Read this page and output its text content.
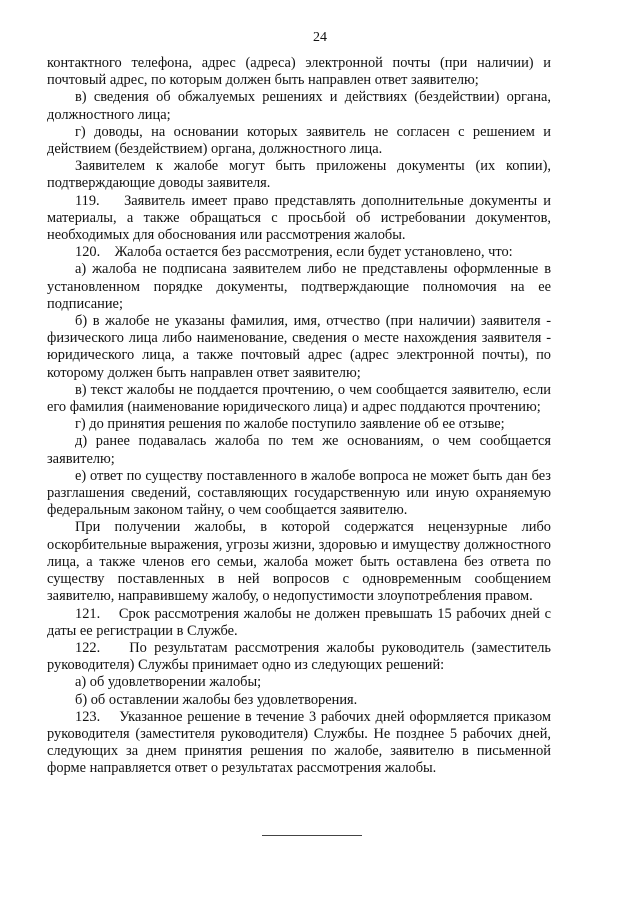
24

контактного телефона, адрес (адреса) электронной почты (при наличии) и почтовый адрес, по которым должен быть направлен ответ заявителю;

в) сведения об обжалуемых решениях и действиях (бездействии) органа, должностного лица;

г) доводы, на основании которых заявитель не согласен с решением и действием (бездействием) органа, должностного лица.

Заявителем к жалобе могут быть приложены документы (их копии), подтверждающие доводы заявителя.

119.    Заявитель имеет право представлять дополнительные документы и материалы, а также обращаться с просьбой об истребовании документов, необходимых для обоснования или рассмотрения жалобы.

120.    Жалоба остается без рассмотрения, если будет установлено, что:

а) жалоба не подписана заявителем либо не представлены оформленные в установленном порядке документы, подтверждающие полномочия на ее подписание;

б) в жалобе не указаны фамилия, имя, отчество (при наличии) заявителя - физического лица либо наименование, сведения о месте нахождения заявителя - юридического лица, а также почтовый адрес (адрес электронной почты), по которому должен быть направлен ответ заявителю;

в) текст жалобы не поддается прочтению, о чем сообщается заявителю, если его фамилия (наименование юридического лица) и адрес поддаются прочтению;

г) до принятия решения по жалобе поступило заявление об ее отзыве;

д) ранее подавалась жалоба по тем же основаниям, о чем сообщается заявителю;

е) ответ по существу поставленного в жалобе вопроса не может быть дан без разглашения сведений, составляющих государственную или иную охраняемую федеральным законом тайну, о чем сообщается заявителю.

При получении жалобы, в которой содержатся нецензурные либо оскорбительные выражения, угрозы жизни, здоровью и имуществу должностного лица, а также членов его семьи, жалоба может быть оставлена без ответа по существу поставленных в ней вопросов с одновременным сообщением заявителю, направившему жалобу, о недопустимости злоупотребления правом.

121.    Срок рассмотрения жалобы не должен превышать 15 рабочих дней с даты ее регистрации в Службе.

122.    По результатам рассмотрения жалобы руководитель (заместитель руководителя) Службы принимает одно из следующих решений:

а) об удовлетворении жалобы;

б) об оставлении жалобы без удовлетворения.

123.    Указанное решение в течение 3 рабочих дней оформляется приказом руководителя (заместителя руководителя) Службы. Не позднее 5 рабочих дней, следующих за днем принятия решения по жалобе, заявителю в письменной форме направляется ответ о результатах рассмотрения жалобы.
